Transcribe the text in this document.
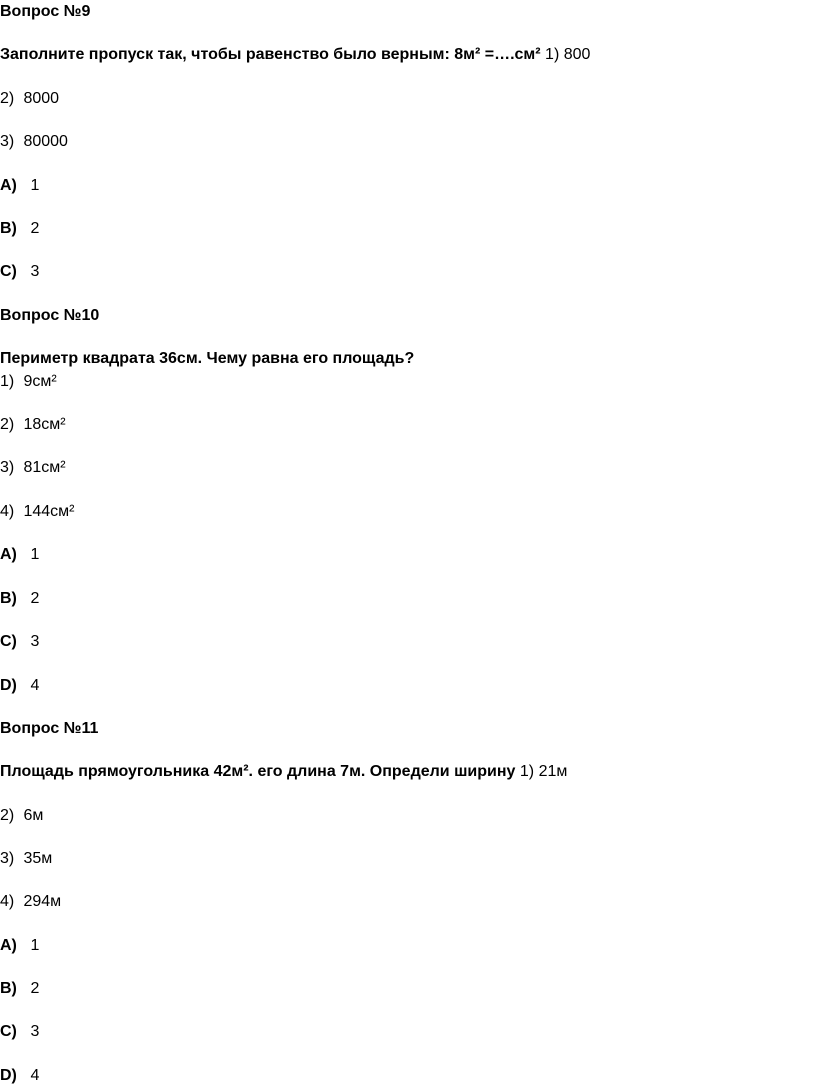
Вопрос №9
Заполните пропуск так, чтобы равенство было верным: 8м² =….см² 1) 800
2) 8000
3) 80000
A) 1
B) 2
C) 3
Вопрос №10
Периметр квадрата 36см. Чему равна его площадь?
1) 9см²
2) 18см²
3) 81см²
4) 144см²
A) 1
B) 2
C) 3
D) 4
Вопрос №11
Площадь прямоугольника 42м². его длина 7м. Определи ширину 1) 21м
2) 6м
3) 35м
4) 294м
A) 1
B) 2
C) 3
D) 4
